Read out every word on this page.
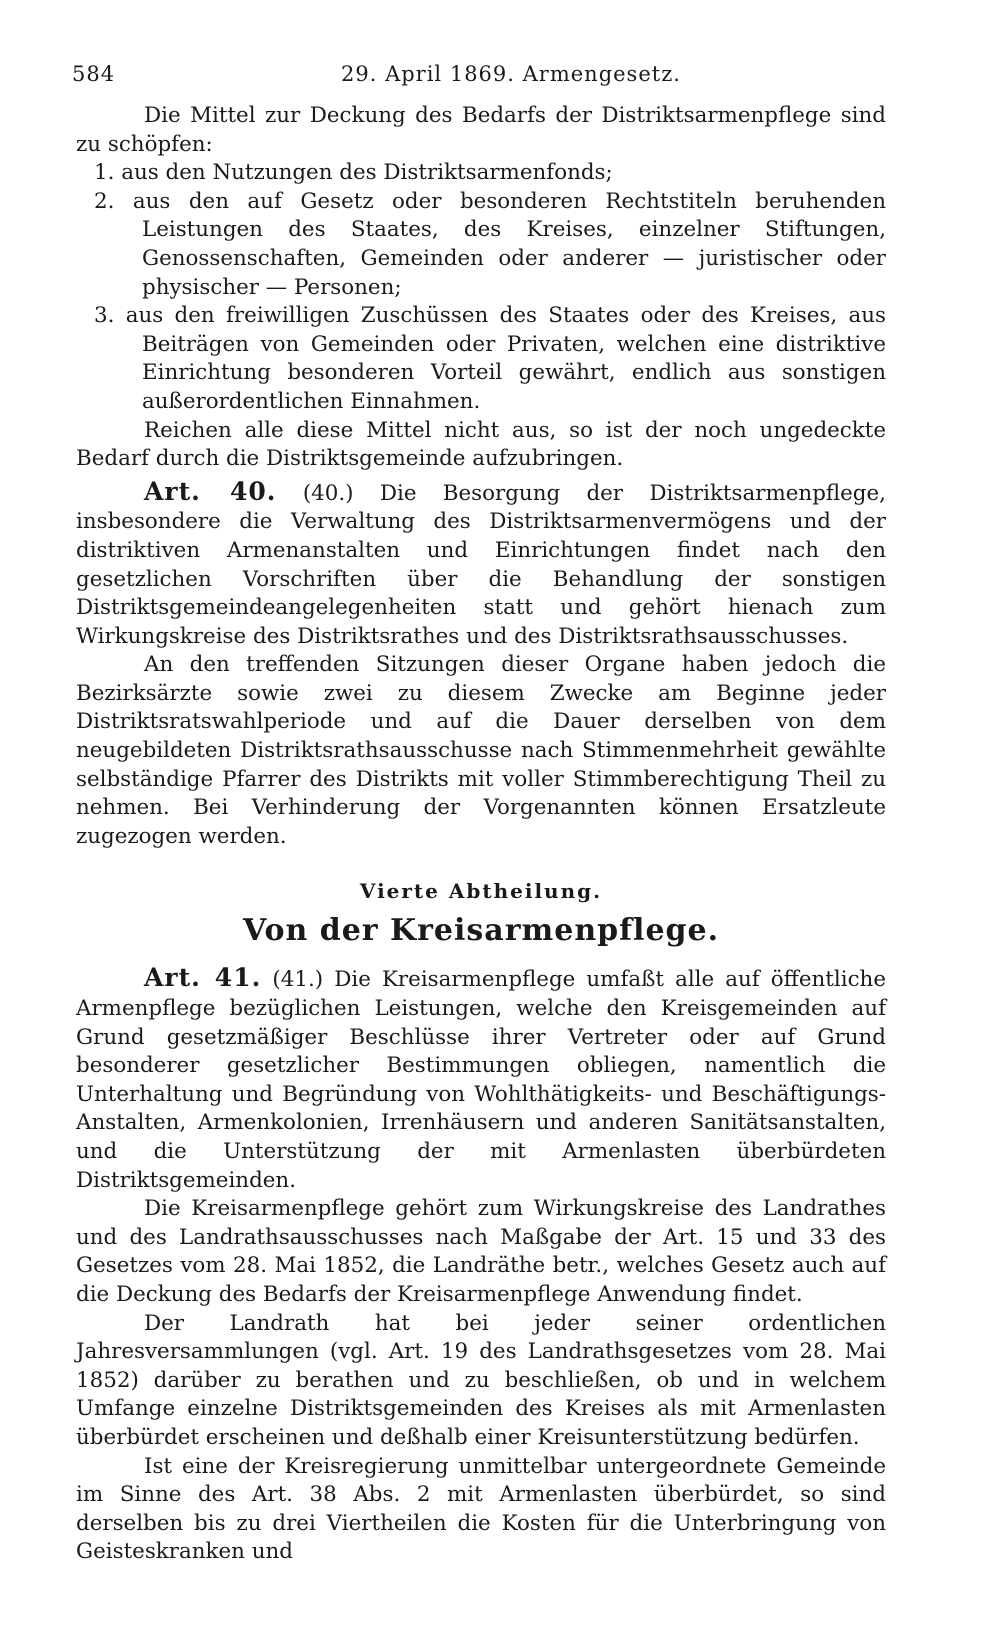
584	29. April 1869. Armengesetz.

Die Mittel zur Deckung des Bedarfs der Distriktsarmenpflege sind zu schöpfen:

1. aus den Nutzungen des Distriktsarmenfonds;

2. aus den auf Gesetz oder besonderen Rechtstiteln beruhenden Leistungen des Staates, des Kreises, einzelner Stiftungen, Genossenschaften, Gemeinden oder anderer — juristischer oder physischer — Personen;

3. aus den freiwilligen Zuschüssen des Staates oder des Kreises, aus Beiträgen von Gemeinden oder Privaten, welchen eine distriktive Einrichtung besonderen Vorteil gewährt, endlich aus sonstigen außerordentlichen Einnahmen.

Reichen alle diese Mittel nicht aus, so ist der noch ungedeckte Bedarf durch die Distriktsgemeinde aufzubringen.

Art. 40. (40.) Die Besorgung der Distriktsarmenpflege, insbesondere die Verwaltung des Distriktsarmenvermögens und der distriktiven Armenanstalten und Einrichtungen findet nach den gesetzlichen Vorschriften über die Behandlung der sonstigen Distriktsgemeindeangelegenheiten statt und gehört hienach zum Wirkungskreise des Distriktsrathes und des Distriktsrathsausschusses.

An den treffenden Sitzungen dieser Organe haben jedoch die Bezirksärzte sowie zwei zu diesem Zwecke am Beginne jeder Distriktsratswahlperiode und auf die Dauer derselben von dem neugebildeten Distriktsrathsausschusse nach Stimmenmehrheit gewählte selbständige Pfarrer des Distrikts mit voller Stimmberechtigung Theil zu nehmen. Bei Verhinderung der Vorgenannten können Ersatzleute zugezogen werden.

Vierte Abtheilung.
Von der Kreisarmenpflege.

Art. 41. (41.) Die Kreisarmenpflege umfaßt alle auf öffentliche Armenpflege bezüglichen Leistungen, welche den Kreisgemeinden auf Grund gesetzmäßiger Beschlüsse ihrer Vertreter oder auf Grund besonderer gesetzlicher Bestimmungen obliegen, namentlich die Unterhaltung und Begründung von Wohlthätigkeits- und Beschäftigungs-Anstalten, Armenkolonien, Irrenhäusern und anderen Sanitätsanstalten, und die Unterstützung der mit Armenlasten überbürdeten Distriktsgemeinden.

Die Kreisarmenpflege gehört zum Wirkungskreise des Landrathes und des Landrathsausschusses nach Maßgabe der Art. 15 und 33 des Gesetzes vom 28. Mai 1852, die Landräthe betr., welches Gesetz auch auf die Deckung des Bedarfs der Kreisarmenpflege Anwendung findet.

Der Landrath hat bei jeder seiner ordentlichen Jahresversammlungen (vgl. Art. 19 des Landrathsgesetzes vom 28. Mai 1852) darüber zu berathen und zu beschließen, ob und in welchem Umfange einzelne Distriktsgemeinden des Kreises als mit Armenlasten überbürdet erscheinen und deßhalb einer Kreisunterstützung bedürfen.

Ist eine der Kreisregierung unmittelbar untergeordnete Gemeinde im Sinne des Art. 38 Abs. 2 mit Armenlasten überbürdet, so sind derselben bis zu drei Viertheilen die Kosten für die Unterbringung von Geisteskranken und
